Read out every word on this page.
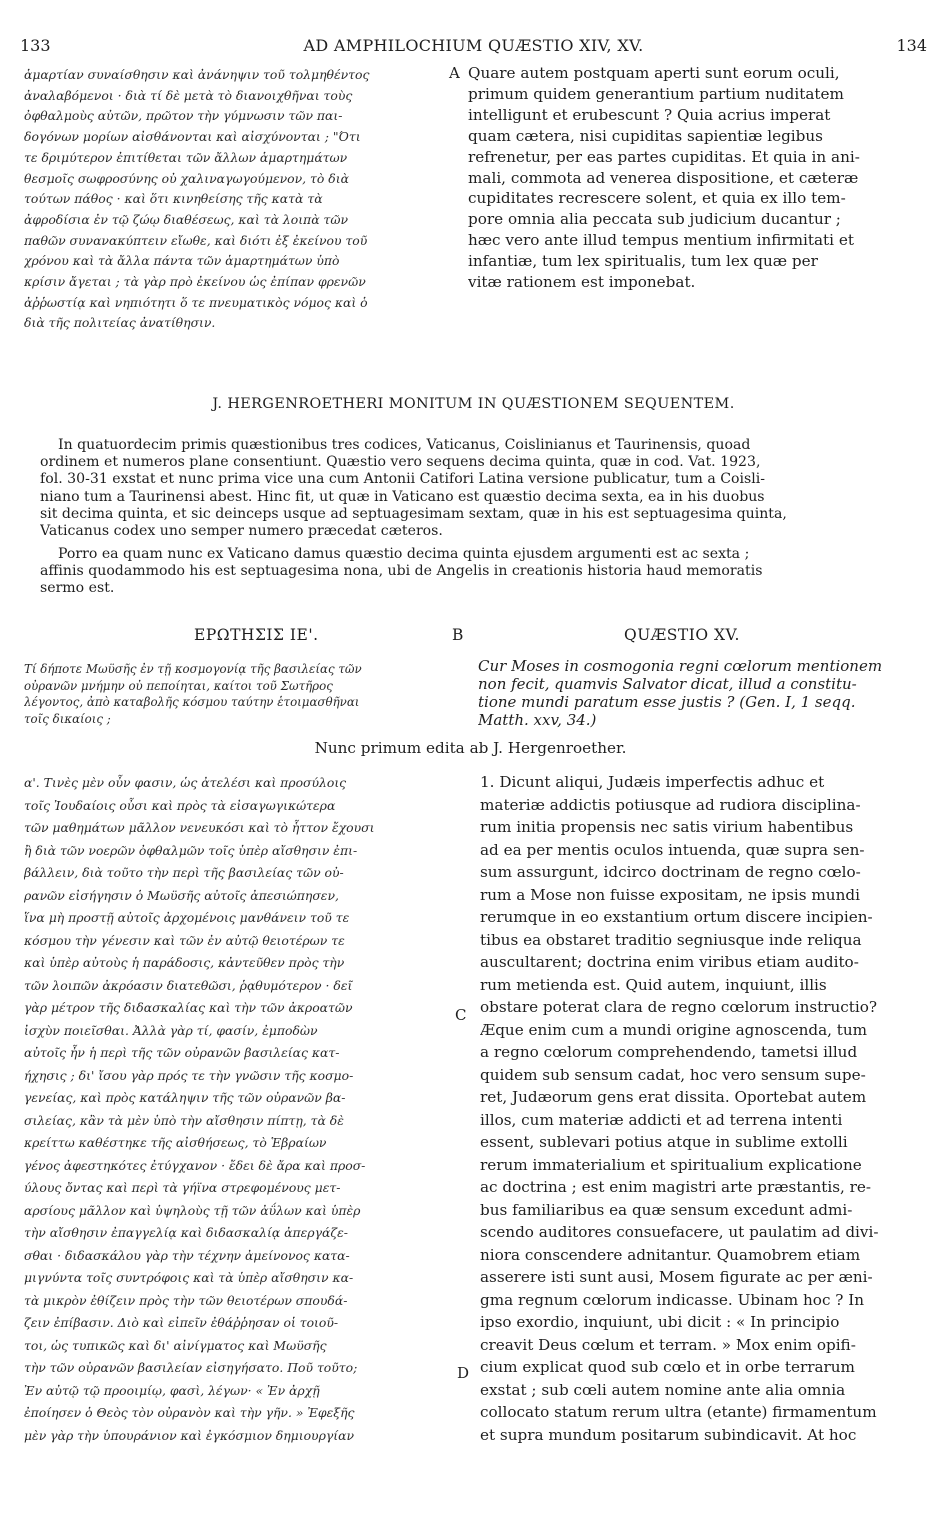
133	AD AMPHILOCHIUM QUÆSTIO XIV, XV.	134
ἁμαρτίαν συναίσθησιν καὶ ἀνάνηψιν τοῦ τολμηθέντος
ἀναλαβόμενοι · διὰ τί δὲ μετὰ τὸ διανοιχθῆναι τοὺς
ὀφθαλμοὺς αὐτῶν, πρῶτον τὴν γύμνωσιν τῶν παι-
δογόνων μορίων αἰσθάνονται καὶ αἰσχύνονται ; "Ότι
τε δριμύτερον ἐπιτίθεται τῶν ἄλλων ἁμαρτημάτων
θεσμοῖς σωφροσύνης οὐ χαλιναγωγούμενον, τὸ διὰ
τούτων πάθος · καὶ ὅτι κινηθείσης τῆς κατὰ τὰ
ἀφροδίσια ἐν τῷ ζώῳ διαθέσεως, καὶ τὰ λοιπὰ τῶν
παθῶν συνανακύπτειν εἴωθε, καὶ διότι ἐξ ἐκείνου τοῦ
χρόνου καὶ τὰ ἄλλα πάντα τῶν ἁμαρτημάτων ὑπὸ
κρίσιν ἄγεται ; τὰ γὰρ πρὸ ἐκείνου ὡς ἐπίπαν φρενῶν
ἀῤῥωστίᾳ καὶ νηπιότητι ὅ τε πνευματικὸς νόμος καὶ ὁ
διὰ τῆς πολιτείας ἀνατίθησιν.
Quare autem postquam aperti sunt eorum oculi,
primum quidem generantium partium nuditatem
intelligunt et erubescunt ? Quia acrius imperat
quam cætera, nisi cupiditas sapientiæ legibus
refrenetur, per eas partes cupiditas. Et quia in ani-
mali, commota ad venerea dispositione, et cæteræ
cupiditates recrescere solent, et quia ex illo tem-
pore omnia alia peccata sub judicium ducantur ;
hæc vero ante illud tempus mentium infirmitati et
infantiæ, tum lex spiritualis, tum lex quæ per
vitæ rationem est imponebat.
A
J. HERGENROETHERI MONITUM IN QUÆSTIONEM SEQUENTEM.
In quatuordecim primis quæstionibus tres codices, Vaticanus, Coislinianus et Taurinensis, quoad
ordinem et numeros plane consentiunt. Quæstio vero sequens decima quinta, quæ in cod. Vat. 1923,
fol. 30-31 exstat et nunc prima vice una cum Antonii Catifori Latina versione publicatur, tum a Coisli-
niano tum a Taurinensi abest. Hinc fit, ut quæ in Vaticano est quæstio decima sexta, ea in his duobus
sit decima quinta, et sic deinceps usque ad septuagesimam sextam, quæ in his est septuagesima quinta,
Vaticanus codex uno semper numero præcedat cæteros.
Porro ea quam nunc ex Vaticano damus quæstio decima quinta ejusdem argumenti est ac sexta ;
affinis quodammodo his est septuagesima nona, ubi de Angelis in creationis historia haud memoratis
sermo est.
ΕΡΩΤΗΣΙΣ ΙΕ'.	B	QUÆSTIO XV.
Τί δήποτε Μωϋσῆς ἐν τῇ κοσμογονίᾳ τῆς βασιλείας τῶν
οὐρανῶν μνήμην οὐ πεποίηται, καίτοι τοῦ Σωτῆρος
λέγοντος, ἀπὸ καταβολῆς κόσμου ταύτην ἑτοιμασθῆναι
τοῖς δικαίοις ;
Cur Moses in cosmogonia regni cœlorum mentionem
non fecit, quamvis Salvator dicat, illud a constitu-
tione mundi paratum esse justis ? (Gen. I, 1 seqq.
Matth. xxv, 34.)
Nunc primum edita ab J. Hergenroether.
α'. Τινὲς μὲν οὖν φασιν, ὡς ἀτελέσι καὶ προσύλοις
τοῖς Ἰουδαίοις οὖσι καὶ πρὸς τὰ εἰσαγωγικώτερα
τῶν μαθημάτων μᾶλλον νενευκόσι καὶ τὸ ἧττον ἔχουσι
ἢ διὰ τῶν νοερῶν ὀφθαλμῶν τοῖς ὑπὲρ αἴσθησιν ἐπι-
βάλλειν, διὰ τοῦτο τὴν περὶ τῆς βασιλείας τῶν οὐ-
ρανῶν εἰσήγησιν ὁ Μωϋσῆς αὐτοῖς ἀπεσιώπησεν,
ἵνα μὴ προστῇ αὐτοῖς ἀρχομένοις μανθάνειν τοῦ τε
κόσμου τὴν γένεσιν καὶ τῶν ἐν αὐτῷ θειοτέρων τε
καὶ ὑπὲρ αὐτοὺς ἡ παράδοσις, κἀντεῦθεν πρὸς τὴν
τῶν λοιπῶν ἀκρόασιν διατεθῶσι, ῥᾳθυμότερον · δεῖ
γὰρ μέτρον τῆς διδασκαλίας καὶ τὴν τῶν ἀκροατῶν
ἰσχὺν ποιεῖσθαι. Ἀλλὰ γὰρ τί, φασίν, ἐμποδὼν
αὐτοῖς ἦν ἡ περὶ τῆς τῶν οὐρανῶν βασιλείας κατ-
ήχησις ; δι' ἴσου γὰρ πρός τε τὴν γνῶσιν τῆς κοσμο-
γενείας, καὶ πρὸς κατάληψιν τῆς τῶν οὐρανῶν βα-
σιλείας, κἂν τὰ μὲν ὑπὸ τὴν αἴσθησιν πίπτῃ, τὰ δὲ
κρείττω καθέστηκε τῆς αἰσθήσεως, τὸ Ἑβραίων
γένος ἀφεστηκότες ἐτύγχανον · ἔδει δὲ ἄρα καὶ προσ-
ύλους ὄντας καὶ περὶ τὰ γήϊνα στρεφομένους μετ-
αρσίους μᾶλλον καὶ ὑψηλοὺς τῇ τῶν ἀΰλων καὶ ὑπὲρ
τὴν αἴσθησιν ἐπαγγελίᾳ καὶ διδασκαλίᾳ ἀπεργάζε-
σθαι · διδασκάλου γὰρ τὴν τέχνην ἀμείνονος κατα-
μιγνύντα τοῖς συντρόφοις καὶ τὰ ὑπὲρ αἴσθησιν κα-
τὰ μικρὸν ἐθίζειν πρὸς τὴν τῶν θειοτέρων σπουδά-
ζειν ἐπίβασιν. Διὸ καὶ εἰπεῖν ἐθάῤῥησαν οἱ τοιοῦ-
τοι, ὡς τυπικῶς καὶ δι' αἰνίγματος καὶ Μωϋσῆς
τὴν τῶν οὐρανῶν βασιλείαν εἰσηγήσατο. Ποῦ τοῦτο;
Ἐν αὐτῷ τῷ προοιμίῳ, φασὶ, λέγων· « Ἐν ἀρχῇ
ἐποίησεν ὁ Θεὸς τὸν οὐρανὸν καὶ τὴν γῆν. » Ἐφεξῆς
μὲν γὰρ τὴν ὑπουράνιον καὶ ἐγκόσμιον δημιουργίαν
1. Dicunt aliqui, Judæis imperfectis adhuc et
materiæ addictis potiusque ad rudiora disciplina-
rum initia propensis nec satis virium habentibus
ad ea per mentis oculos intuenda, quæ supra sen-
sum assurgunt, idcirco doctrinam de regno cœlo-
rum a Mose non fuisse expositam, ne ipsis mundi
rerumque in eo exstantium ortum discere incipien-
tibus ea obstaret traditio segniusque inde reliqua
auscultarent; doctrina enim viribus etiam audito-
rum metienda est. Quid autem, inquiunt, illis
obstare poterat clara de regno cœlorum instructio?
Æque enim cum a mundi origine agnoscenda, tum
a regno cœlorum comprehendendo, tametsi illud
quidem sub sensum cadat, hoc vero sensum supe-
ret, Judæorum gens erat dissita. Oportebat autem
illos, cum materiæ addicti et ad terrena intenti
essent, sublevari potius atque in sublime extolli
rerum immaterialium et spiritualium explicatione
ac doctrina ; est enim magistri arte præstantis, re-
bus familiaribus ea quæ sensum excedunt admi-
scendo auditores consuefacere, ut paulatim ad divi-
niora conscendere adnitantur. Quamobrem etiam
asserere isti sunt ausi, Mosem figurate ac per æni-
gma regnum cœlorum indicasse. Ubinam hoc ? In
ipso exordio, inquiunt, ubi dicit : « In principio
creavit Deus cœlum et terram. » Mox enim opifi-
cium explicat quod sub cœlo et in orbe terrarum
exstat ; sub cœli autem nomine ante alia omnia
collocato statum rerum ultra (etante) firmamentum
et supra mundum positarum subindicavit. At hoc
C
D
